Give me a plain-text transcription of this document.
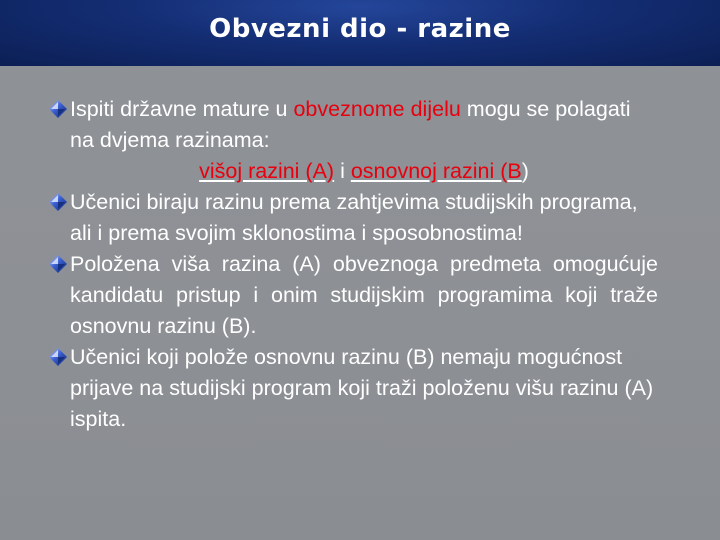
Obvezni dio - razine

Ispiti državne mature u obveznome dijelu mogu se polagati na dvjema razinama:
višoj razini (A) i osnovnoj razini (B)

Učenici biraju razinu prema zahtjevima studijskih programa, ali i prema svojim sklonostima i sposobnostima!

Položena viša razina (A) obveznoga predmeta omogućuje kandidatu pristup i onim studijskim programima koji traže osnovnu razinu (B).

Učenici koji polože osnovnu razinu (B) nemaju mogućnost prijave na studijski program koji traži položenu višu razinu (A) ispita.
